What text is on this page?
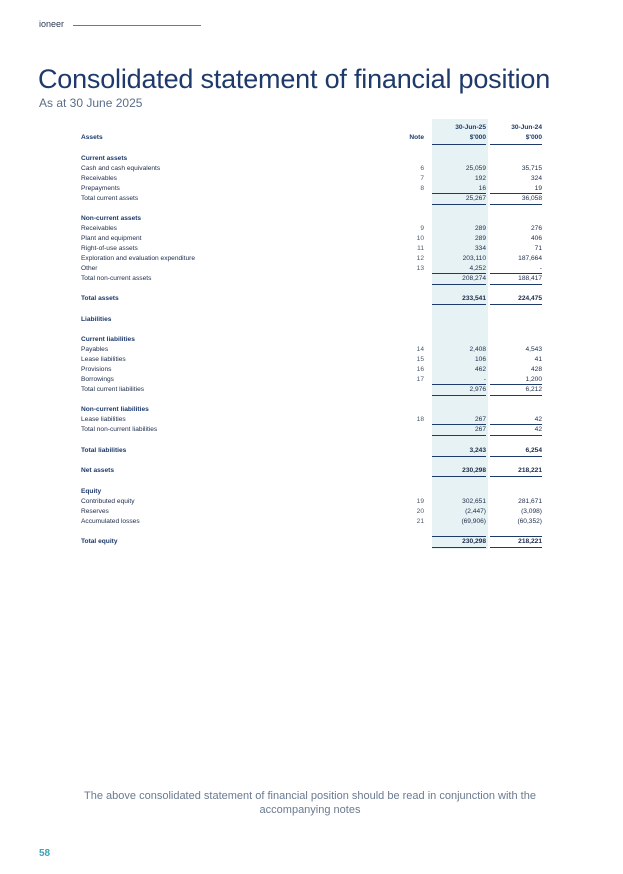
ioneer
Consolidated statement of financial position
As at 30 June 2025
30-Jun-25	30-Jun-24
Assets	Note	$'000	$'000
Current assets
Cash and cash equivalents	6	25,059	35,715
Receivables	7	192	324
Prepayments	8	16	19
Total current assets	25,267	36,058
Non-current assets
Receivables	9	289	276
Plant and equipment	10	289	406
Right-of-use assets	11	334	71
Exploration and evaluation expenditure	12	203,110	187,664
Other	13	4,252	-
Total non-current assets	208,274	188,417
Total assets	233,541	224,475
Liabilities
Current liabilities
Payables	14	2,408	4,543
Lease liabilities	15	106	41
Provisions	16	462	428
Borrowings	17	-	1,200
Total current liabilities	2,976	6,212
Non-current liabilities
Lease liabilities	18	267	42
Total non-current liabilities	267	42
Total liabilities	3,243	6,254
Net assets	230,298	218,221
Equity
Contributed equity	19	302,651	281,671
Reserves	20	(2,447)	(3,098)
Accumulated losses	21	(69,906)	(60,352)
Total equity	230,298	218,221
The above consolidated statement of financial position should be read in conjunction with the accompanying notes
58
